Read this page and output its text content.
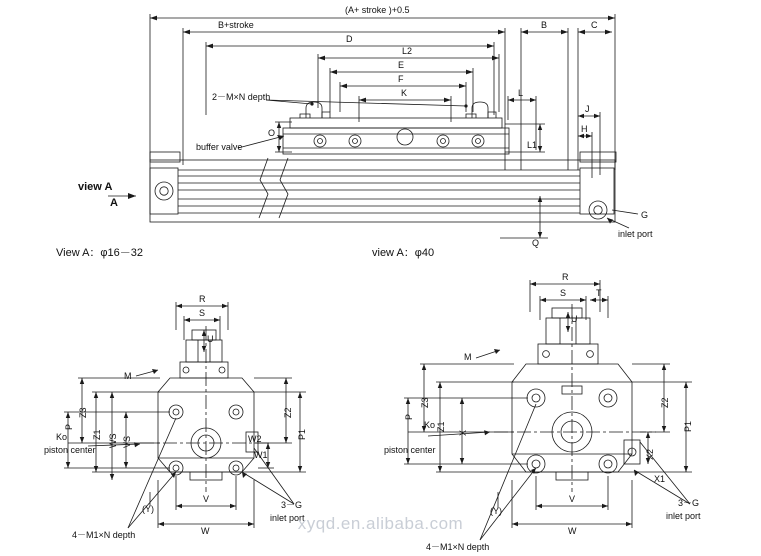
(A+ stroke )+0.5
B+stroke	B	C
D
L2
E
F
K	L
J
H
O
L1
Q
G
2－M×N depth
buffer valve
inlet port
view A
A
View A：φ16－32	view A：φ40
R
S
U
M
Z3
Z1
P
WS VS
Z2
P1
W1
W2
W
V
(Y)
Ko
piston center
4－M1×N depth
3－G
inlet port
R
S	T
U
M
Z3
Z1
P
X
Z2
P1
X2
X1
W
V
(Y)
Ko
piston center
4－M1×N depth
3－G
inlet port
xyqd.en.alibaba.com
